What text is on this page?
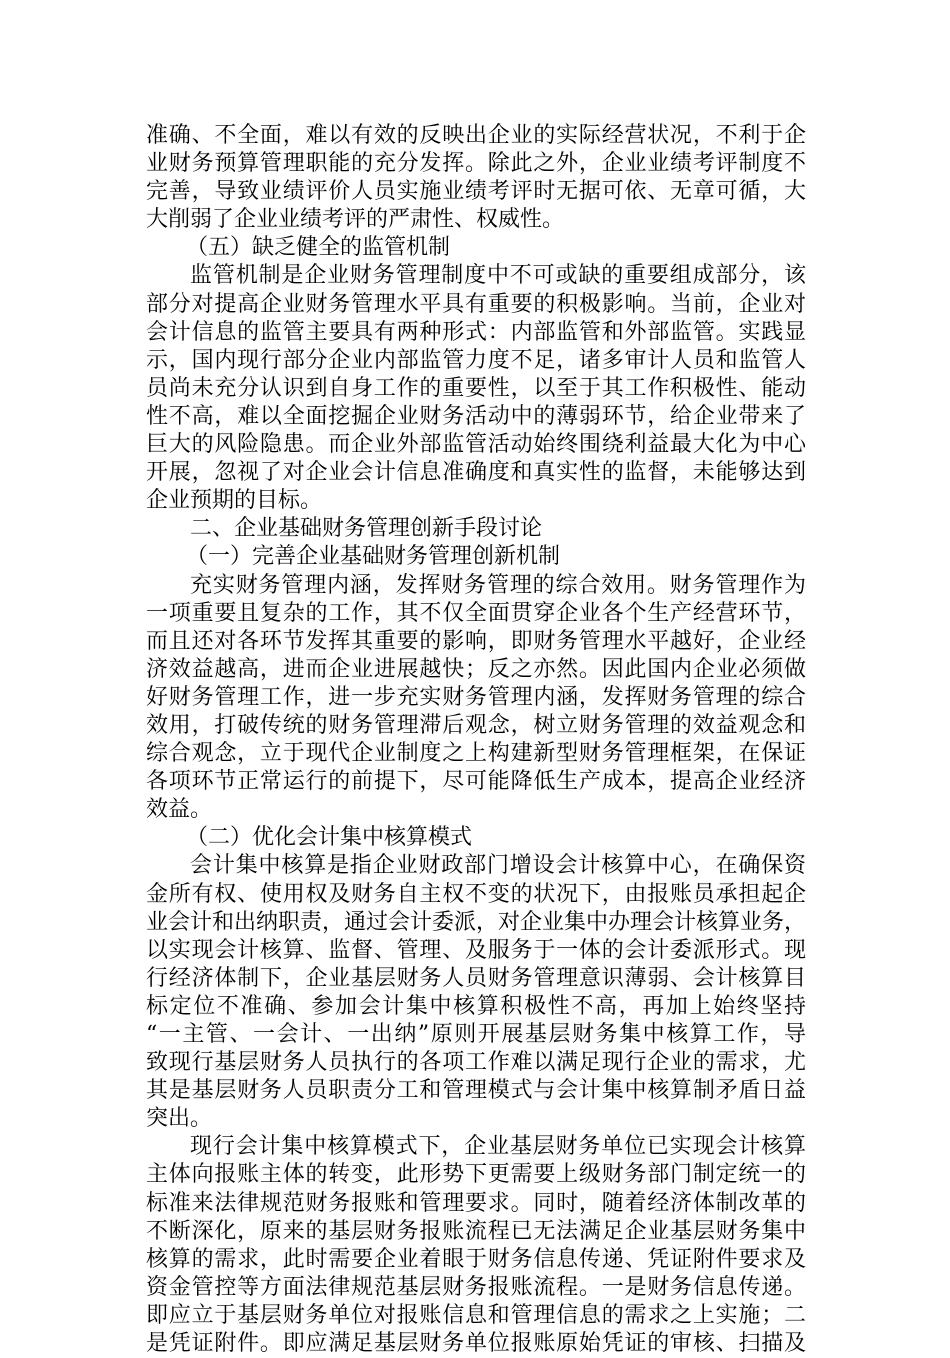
准确、不全面，难以有效的反映出企业的实际经营状况，不利于企
业财务预算管理职能的充分发挥。除此之外，企业业绩考评制度不
完善，导致业绩评价人员实施业绩考评时无据可依、无章可循，大
大削弱了企业业绩考评的严肃性、权威性。
（五）缺乏健全的监管机制
监管机制是企业财务管理制度中不可或缺的重要组成部分，该
部分对提高企业财务管理水平具有重要的积极影响。当前，企业对
会计信息的监管主要具有两种形式：内部监管和外部监管。实践显
示，国内现行部分企业内部监管力度不足，诸多审计人员和监管人
员尚未充分认识到自身工作的重要性，以至于其工作积极性、能动
性不高，难以全面挖掘企业财务活动中的薄弱环节，给企业带来了
巨大的风险隐患。而企业外部监管活动始终围绕利益最大化为中心
开展，忽视了对企业会计信息准确度和真实性的监督，未能够达到
企业预期的目标。
二、企业基础财务管理创新手段讨论
（一）完善企业基础财务管理创新机制
充实财务管理内涵，发挥财务管理的综合效用。财务管理作为
一项重要且复杂的工作，其不仅全面贯穿企业各个生产经营环节，
而且还对各环节发挥其重要的影响，即财务管理水平越好，企业经
济效益越高，进而企业进展越快；反之亦然。因此国内企业必须做
好财务管理工作，进一步充实财务管理内涵，发挥财务管理的综合
效用，打破传统的财务管理滞后观念，树立财务管理的效益观念和
综合观念，立于现代企业制度之上构建新型财务管理框架，在保证
各项环节正常运行的前提下，尽可能降低生产成本，提高企业经济
效益。
（二）优化会计集中核算模式
会计集中核算是指企业财政部门增设会计核算中心，在确保资
金所有权、使用权及财务自主权不变的状况下，由报账员承担起企
业会计和出纳职责，通过会计委派，对企业集中办理会计核算业务，
以实现会计核算、监督、管理、及服务于一体的会计委派形式。现
行经济体制下，企业基层财务人员财务管理意识薄弱、会计核算目
标定位不准确、参加会计集中核算积极性不高，再加上始终坚持
“一主管、一会计、一出纳”原则开展基层财务集中核算工作，导
致现行基层财务人员执行的各项工作难以满足现行企业的需求，尤
其是基层财务人员职责分工和管理模式与会计集中核算制矛盾日益
突出。
现行会计集中核算模式下，企业基层财务单位已实现会计核算
主体向报账主体的转变，此形势下更需要上级财务部门制定统一的
标准来法律规范财务报账和管理要求。同时，随着经济体制改革的
不断深化，原来的基层财务报账流程已无法满足企业基层财务集中
核算的需求，此时需要企业着眼于财务信息传递、凭证附件要求及
资金管控等方面法律规范基层财务报账流程。一是财务信息传递。
即应立于基层财务单位对报账信息和管理信息的需求之上实施；二
是凭证附件。即应满足基层财务单位报账原始凭证的审核、扫描及
